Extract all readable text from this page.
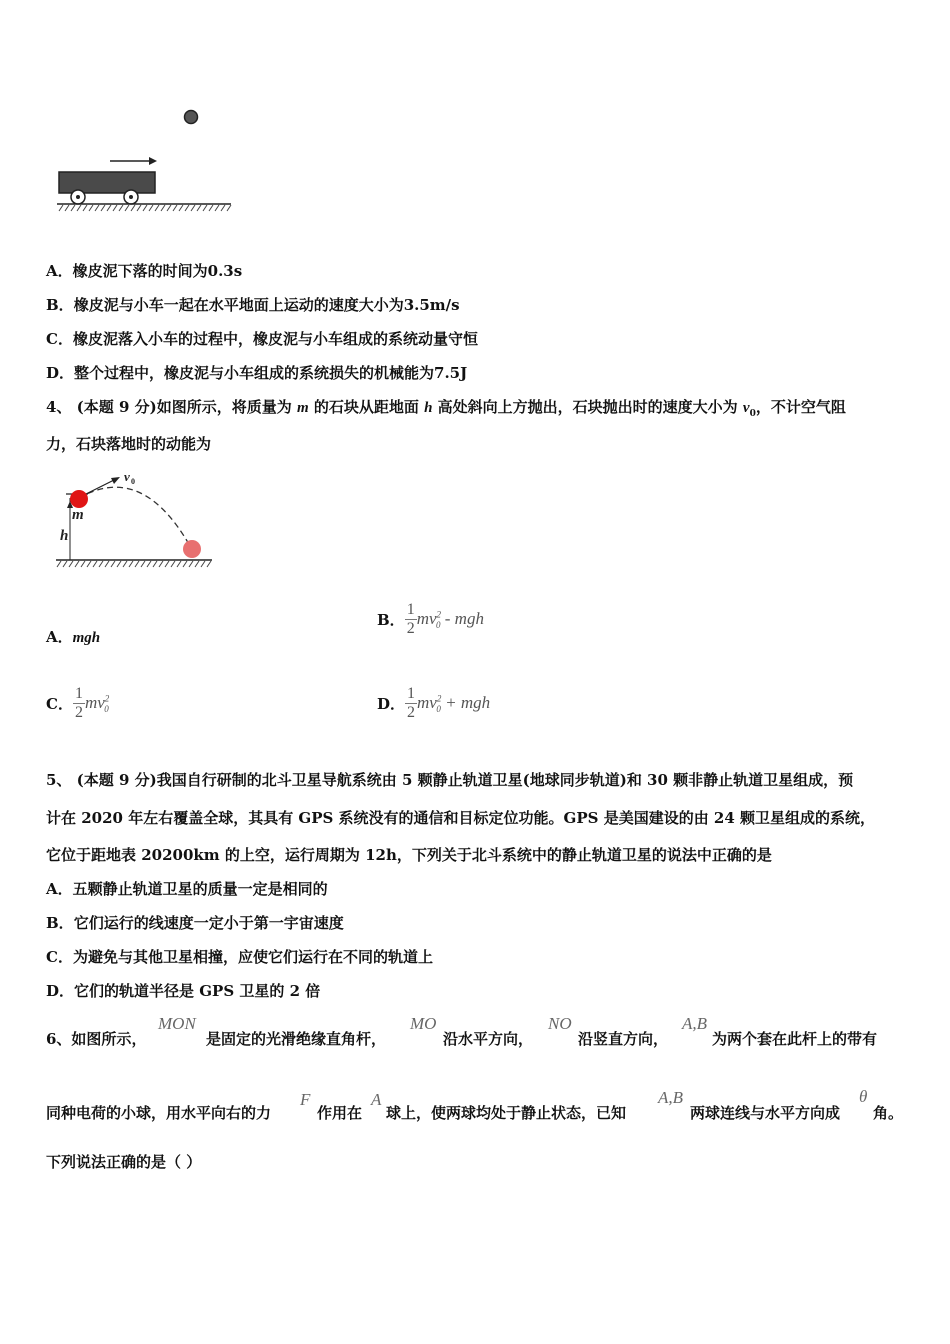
A．橡皮泥下落的时间为0.3s
B．橡皮泥与小车一起在水平地面上运动的速度大小为3.5m/s
C．橡皮泥落入小车的过程中，橡皮泥与小车组成的系统动量守恒
D．整个过程中，橡皮泥与小车组成的系统损失的机械能为7.5J
4、 (本题 9 分)如图所示，将质量为 m 的石块从距地面 h 高处斜向上方抛出，石块抛出时的速度大小为 $v_0$，不计空气阻
力，石块落地时的动能为
v 0
m
h
A．mgh
B． $\frac{1}{2} mv^2_0$ - mgh
C． $\frac{1}{2} mv^2_0$	D． $\frac{1}{2} mv^2_0$ + mgh
5、 (本题 9 分)我国自行研制的北斗卫星导航系统由 5 颗静止轨道卫星(地球同步轨道)和 30 颗非静止轨道卫星组成，预
计在 2020 年左右覆盖全球，其具有 GPS 系统没有的通信和目标定位功能。GPS 是美国建设的由 24 颗卫星组成的系统，
它位于距地表 20200km 的上空，运行周期为 12h，下列关于北斗系统中的静止轨道卫星的说法中正确的是
A．五颗静止轨道卫星的质量一定是相同的
B．它们运行的线速度一定小于第一宇宙速度
C．为避免与其他卫星相撞，应使它们运行在不同的轨道上
D．它们的轨道半径是 GPS 卫星的 2 倍
6、如图所示，
MON
是固定的光滑绝缘直角杆，
MO
沿水平方向，
NO
沿竖直方向，
A,B
为两个套在此杆上的带有
同种电荷的小球，用水平向右的力
F
作用在
A
球上，使两球均处于静止状态，已知
A,B
两球连线与水平方向成
θ
角。
下列说法正确的是（ ）
